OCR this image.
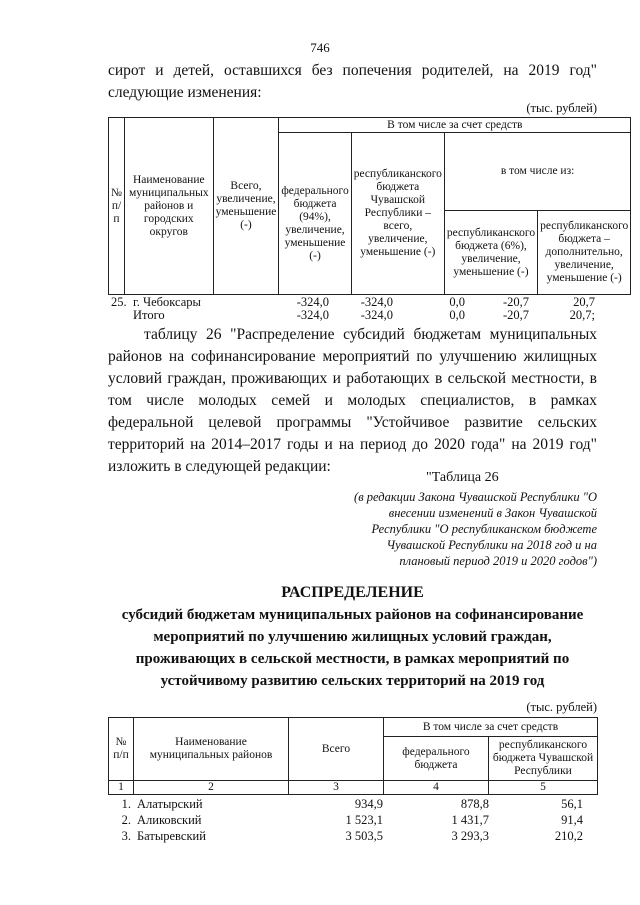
746
сирот и детей, оставшихся без попечения родителей, на 2019 год" следующие изменения:
(тыс. рублей)
№ п/п	Наименование муниципальных районов и городских округов	Всего, увеличение, уменьшение (-)	В том числе за счет средств			
			федерального бюджета (94%), увеличение, уменьшение (-)	республиканского бюджета Чувашской Республики – всего, увеличение, уменьшение (-)	в том числе из:	
					республиканского бюджета (6%), увеличение, уменьшение (-)	республиканского бюджета – дополнительно, увеличение, уменьшение (-)
25.	г. Чебоксары	-324,0	-324,0	0,0	-20,7	20,7
	Итого	-324,0	-324,0	0,0	-20,7	20,7;
таблицу 26 "Распределение субсидий бюджетам муниципальных районов на софинансирование мероприятий по улучшению жилищных условий граждан, проживающих и работающих в сельской местности, в том числе молодых семей и молодых специалистов, в рамках федеральной целевой программы "Устойчивое развитие сельских территорий на 2014–2017 годы и на период до 2020 года" на 2019 год" изложить в следующей редакции:
"Таблица 26
(в редакции Закона Чувашской Республики "О внесении изменений в Закон Чувашской Республики "О республиканском бюджете Чувашской Республики на 2018 год и на плановый период 2019 и 2020 годов")
РАСПРЕДЕЛЕНИЕ
субсидий бюджетам муниципальных районов на софинансирование мероприятий по улучшению жилищных условий граждан, проживающих в сельской местности, в рамках мероприятий по устойчивому развитию сельских территорий на 2019 год
(тыс. рублей)
№ п/п	Наименование муниципальных районов	Всего	В том числе за счет средств	
			федерального бюджета	республиканского бюджета Чувашской Республики
1	2	3	4	5
1.	Алатырский	934,9	878,8	56,1	
2.	Аликовский	1 523,1	1 431,7	91,4	
3.	Батыревский	3 503,5	3 293,3	210,2	
